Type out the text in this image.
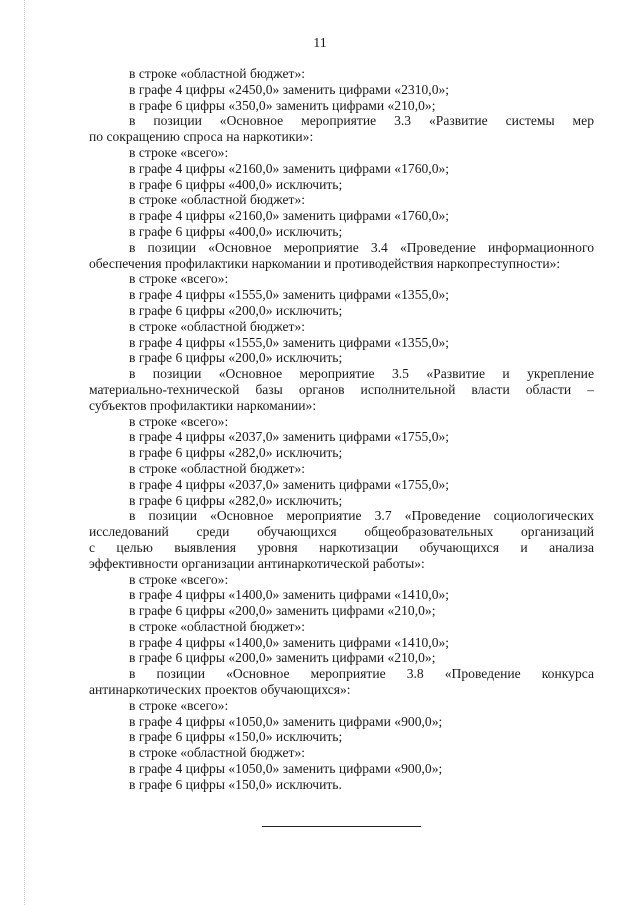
11
в строке «областной бюджет»:
в графе 4 цифры «2450,0» заменить цифрами «2310,0»;
в графе 6 цифры «350,0» заменить цифрами «210,0»;
в позиции «Основное мероприятие 3.3 «Развитие системы мер
по сокращению спроса на наркотики»:
в строке «всего»:
в графе 4 цифры «2160,0» заменить цифрами «1760,0»;
в графе 6 цифры «400,0» исключить;
в строке «областной бюджет»:
в графе 4 цифры «2160,0» заменить цифрами «1760,0»;
в графе 6 цифры «400,0» исключить;
в позиции «Основное мероприятие 3.4 «Проведение информационного
обеспечения профилактики наркомании и противодействия наркопреступности»:
в строке «всего»:
в графе 4 цифры «1555,0» заменить цифрами «1355,0»;
в графе 6 цифры «200,0» исключить;
в строке «областной бюджет»:
в графе 4 цифры «1555,0» заменить цифрами «1355,0»;
в графе 6 цифры «200,0» исключить;
в позиции «Основное мероприятие 3.5 «Развитие и укрепление
материально-технической базы органов исполнительной власти области –
субъектов профилактики наркомании»:
в строке «всего»:
в графе 4 цифры «2037,0» заменить цифрами «1755,0»;
в графе 6 цифры «282,0» исключить;
в строке «областной бюджет»:
в графе 4 цифры «2037,0» заменить цифрами «1755,0»;
в графе 6 цифры «282,0» исключить;
в позиции «Основное мероприятие 3.7 «Проведение социологических
исследований среди обучающихся общеобразовательных организаций
с целью выявления уровня наркотизации обучающихся и анализа
эффективности организации антинаркотической работы»:
в строке «всего»:
в графе 4 цифры «1400,0» заменить цифрами «1410,0»;
в графе 6 цифры «200,0» заменить цифрами «210,0»;
в строке «областной бюджет»:
в графе 4 цифры «1400,0» заменить цифрами «1410,0»;
в графе 6 цифры «200,0» заменить цифрами «210,0»;
в позиции «Основное мероприятие 3.8 «Проведение конкурса
антинаркотических проектов обучающихся»:
в строке «всего»:
в графе 4 цифры «1050,0» заменить цифрами «900,0»;
в графе 6 цифры «150,0» исключить;
в строке «областной бюджет»:
в графе 4 цифры «1050,0» заменить цифрами «900,0»;
в графе 6 цифры «150,0» исключить.
